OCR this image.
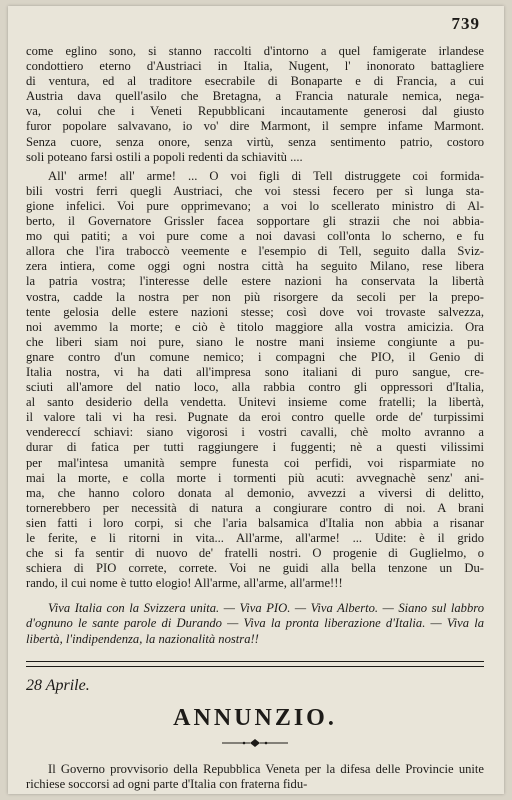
739

come eglino sono, si stanno raccolti d'intorno a quel famigerate irlandese

condottiero eterno d'Austriaci in Italia, Nugent, l' inonorato battagliere

di ventura, ed al traditore esecrabile di Bonaparte e di Francia, a cui

Austria dava quell'asilo che Bretagna, a Francia naturale nemica, nega-

va, colui che i Veneti Repubblicani incautamente generosi dal giusto

furor popolare salvavano, io vo' dire Marmont, il sempre infame Marmont.

Senza cuore, senza onore, senza virtù, senza sentimento patrio, costoro

soli poteano farsi ostili a popoli redenti da schiavitù ....

All' arme! all' arme! ... O voi figli di Tell distruggete coi formida-

bili vostri ferri quegli Austriaci, che voi stessi fecero per sì lunga sta-

gione infelici. Voi pure opprimevano; a voi lo scellerato ministro di Al-

berto, il Governatore Grissler facea sopportare gli strazii che noi abbia-

mo qui patiti; a voi pure come a noi davasi coll'onta lo scherno, e fu

allora che l'ira traboccò veemente e l'esempio di Tell, seguito dalla Sviz-

zera intiera, come oggi ogni nostra città ha seguito Milano, rese libera

la patria vostra; l'interesse delle estere nazioni ha conservata la libertà

vostra, cadde la nostra per non più risorgere da secoli per la prepo-

tente gelosia delle estere nazioni stesse; così dove voi trovaste salvezza,

noi avemmo la morte; e ciò è titolo maggiore alla vostra amicizia. Ora

che liberi siam noi pure, siano le nostre mani insieme congiunte a pu-

gnare contro d'un comune nemico; i compagni che PIO, il Genio di

Italia nostra, vi ha dati all'impresa sono italiani di puro sangue, cre-

sciuti all'amore del natio loco, alla rabbia contro gli oppressori d'Italia,

al santo desiderio della vendetta. Unitevi insieme come fratelli; la libertà,

il valore tali vi ha resi. Pugnate da eroi contro quelle orde de' turpissimi

vendereccí schiavi: siano vigorosi i vostri cavalli, chè molto avranno a

durar di fatica per tutti raggiungere i fuggenti; nè a questi vilissimi

per mal'intesa umanità sempre funesta coi perfidi, voi risparmiate no

mai la morte, e colla morte i tormenti più acuti: avvegnachè senz' ani-

ma, che hanno coloro donata al demonio, avvezzi a viversi di delitto,

tornerebbero per necessità di natura a congiurare contro di noi. A brani

sien fatti i loro corpi, si che l'aria balsamica d'Italia non abbia a risanar

le ferite, e li ritorni in vita... All'arme, all'arme! ... Udite: è il grido

che si fa sentir di nuovo de' fratelli nostri. O progenie di Guglielmo, o

schiera di PIO correte, correte. Voi ne guidi alla bella tenzone un Du-

rando, il cui nome è tutto elogio! All'arme, all'arme, all'arme!!!

Viva Italia con la Svizzera unita. — Viva PIO. — Viva Alberto. — Siano sul labbro d'ognuno le sante parole di Durando — Viva la pronta liberazione d'Italia. — Viva la libertà, l'indipendenza, la nazionalità nostra!!
28 Aprile.
ANNUNZIO.
Il Governo provvisorio della Repubblica Veneta per la difesa delle Provincie unite richiese soccorsi ad ogni parte d'Italia con fraterna fidu-
